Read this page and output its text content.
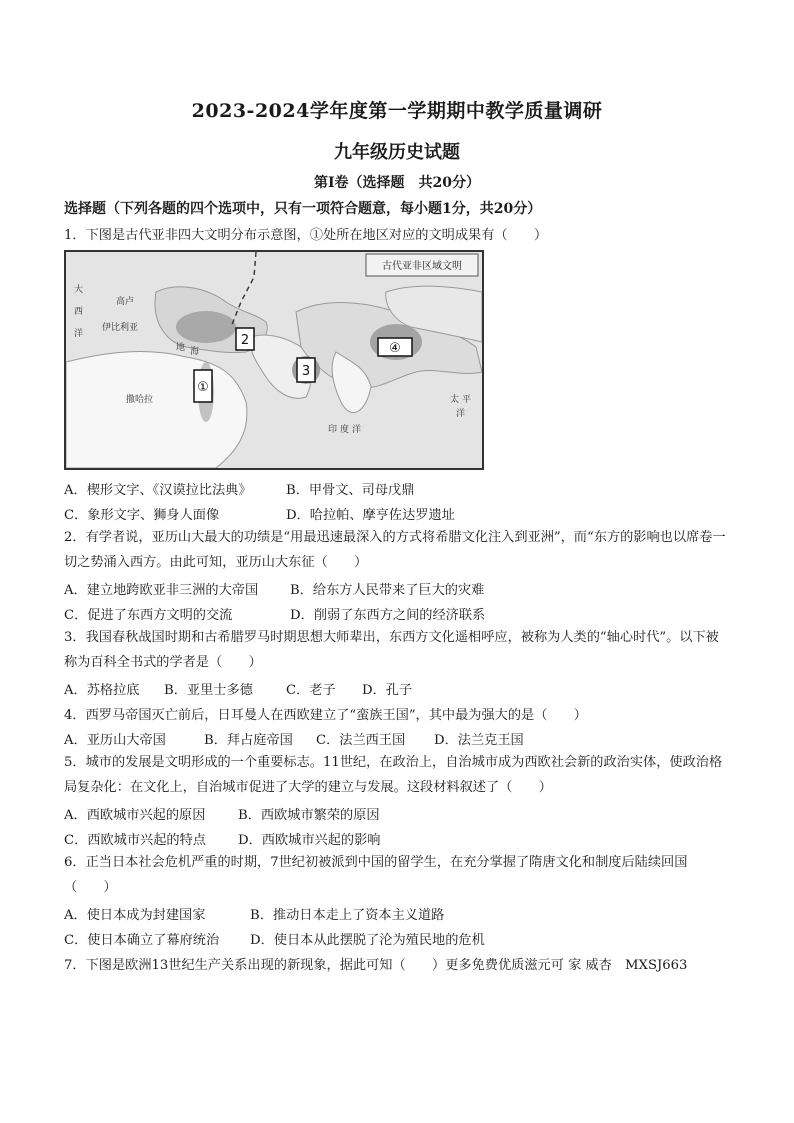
2023-2024学年度第一学期期中教学质量调研
九年级历史试题
第Ⅰ卷（选择题　共20分）
选择题（下列各题的四个选项中，只有一项符合题意，每小题1分，共20分）
1．下图是古代亚非四大文明分布示意图，①处所在地区对应的文明成果有（　　）
古代亚非区域文明
①
2
3
④
大
西
高卢
伊比利亚
洋
地 海
印 度 洋
太 平
洋
撒哈拉
A．楔形文字、《汉谟拉比法典》	B．甲骨文、司母戊鼎
C．象形文字、狮身人面像	D．哈拉帕、摩亨佐达罗遗址
2．有学者说，亚历山大最大的功绩是“用最迅速最深入的方式将希腊文化注入到亚洲”，而“东方的影响也以席卷一切之势涌入西方。由此可知，亚历山大东征（　　）
A．建立地跨欧亚非三洲的大帝国 B．给东方人民带来了巨大的灾难
C．促进了东西方文明的交流	D．削弱了东西方之间的经济联系
3．我国春秋战国时期和古希腊罗马时期思想大师辈出，东西方文化遥相呼应，被称为人类的“轴心时代”。以下被称为百科全书式的学者是（　　）
A．苏格拉底 B．亚里士多德	C．老子 D．孔子
4．西罗马帝国灭亡前后，日耳曼人在西欧建立了“蛮族王国”，其中最为强大的是（　　）
A．亚历山大帝国	B．拜占庭帝国 C．法兰西王国 D．法兰克王国
5．城市的发展是文明形成的一个重要标志。11世纪，在政治上，自治城市成为西欧社会新的政治实体，使政治格局复杂化：在文化上，自治城市促进了大学的建立与发展。这段材料叙述了（　　）
A．西欧城市兴起的原因 B．西欧城市繁荣的原因
C．西欧城市兴起的特点 D．西欧城市兴起的影响
6．正当日本社会危机严重的时期，7世纪初被派到中国的留学生，在充分掌握了隋唐文化和制度后陆续回国（　　）
A．使日本成为封建国家	B．推动日本走上了资本主义道路
C．使日本确立了幕府统治 D．使日本从此摆脱了沦为殖民地的危机
7．下图是欧洲13世纪生产关系出现的新现象，据此可知（　　）更多免费优质滋元可 家 威杏　MXSJ663
